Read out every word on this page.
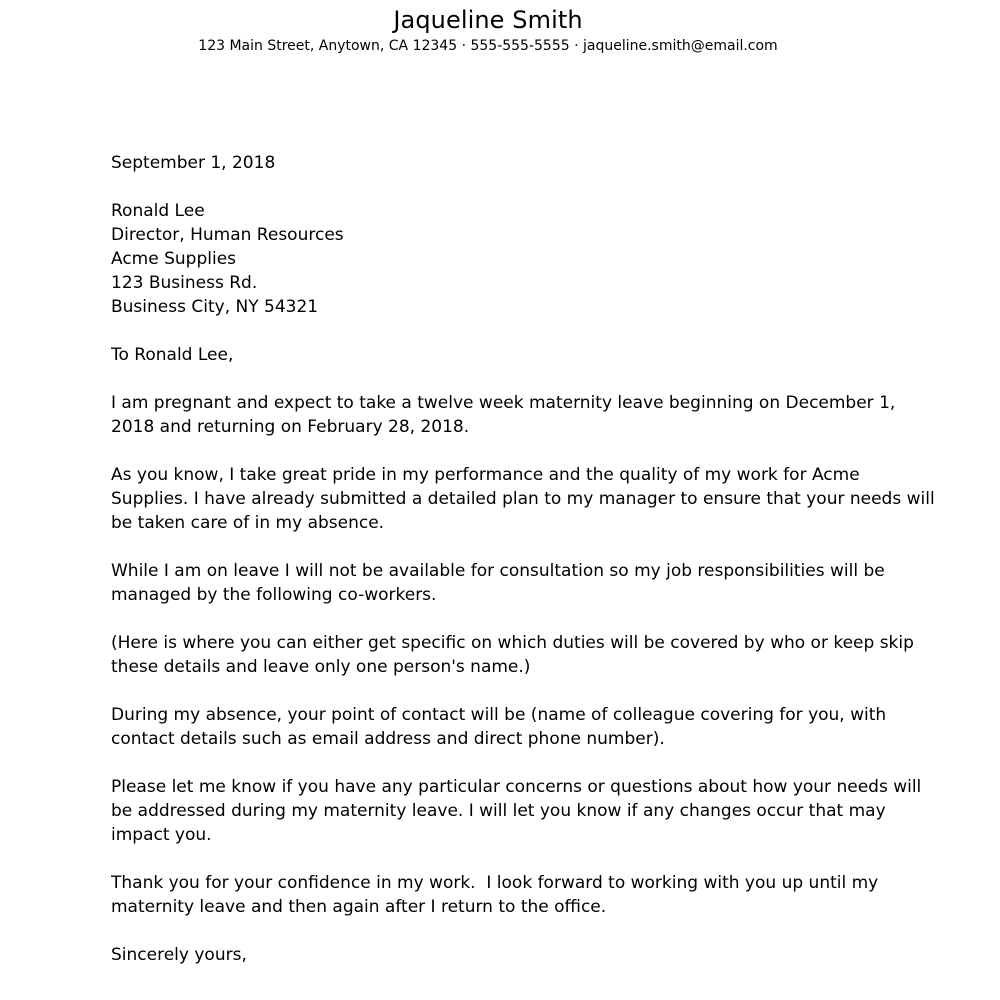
Jaqueline Smith
123 Main Street, Anytown, CA 12345 · 555-555-5555 · jaqueline.smith@email.com
September 1, 2018
Ronald Lee
Director, Human Resources
Acme Supplies
123 Business Rd.
Business City, NY 54321
To Ronald Lee,
I am pregnant and expect to take a twelve week maternity leave beginning on December 1,
2018 and returning on February 28, 2018.
As you know, I take great pride in my performance and the quality of my work for Acme
Supplies. I have already submitted a detailed plan to my manager to ensure that your needs will
be taken care of in my absence.
While I am on leave I will not be available for consultation so my job responsibilities will be
managed by the following co-workers.
(Here is where you can either get specific on which duties will be covered by who or keep skip
these details and leave only one person's name.)
During my absence, your point of contact will be (name of colleague covering for you, with
contact details such as email address and direct phone number).
Please let me know if you have any particular concerns or questions about how your needs will
be addressed during my maternity leave. I will let you know if any changes occur that may
impact you.
Thank you for your confidence in my work.  I look forward to working with you up until my
maternity leave and then again after I return to the office.
Sincerely yours,
